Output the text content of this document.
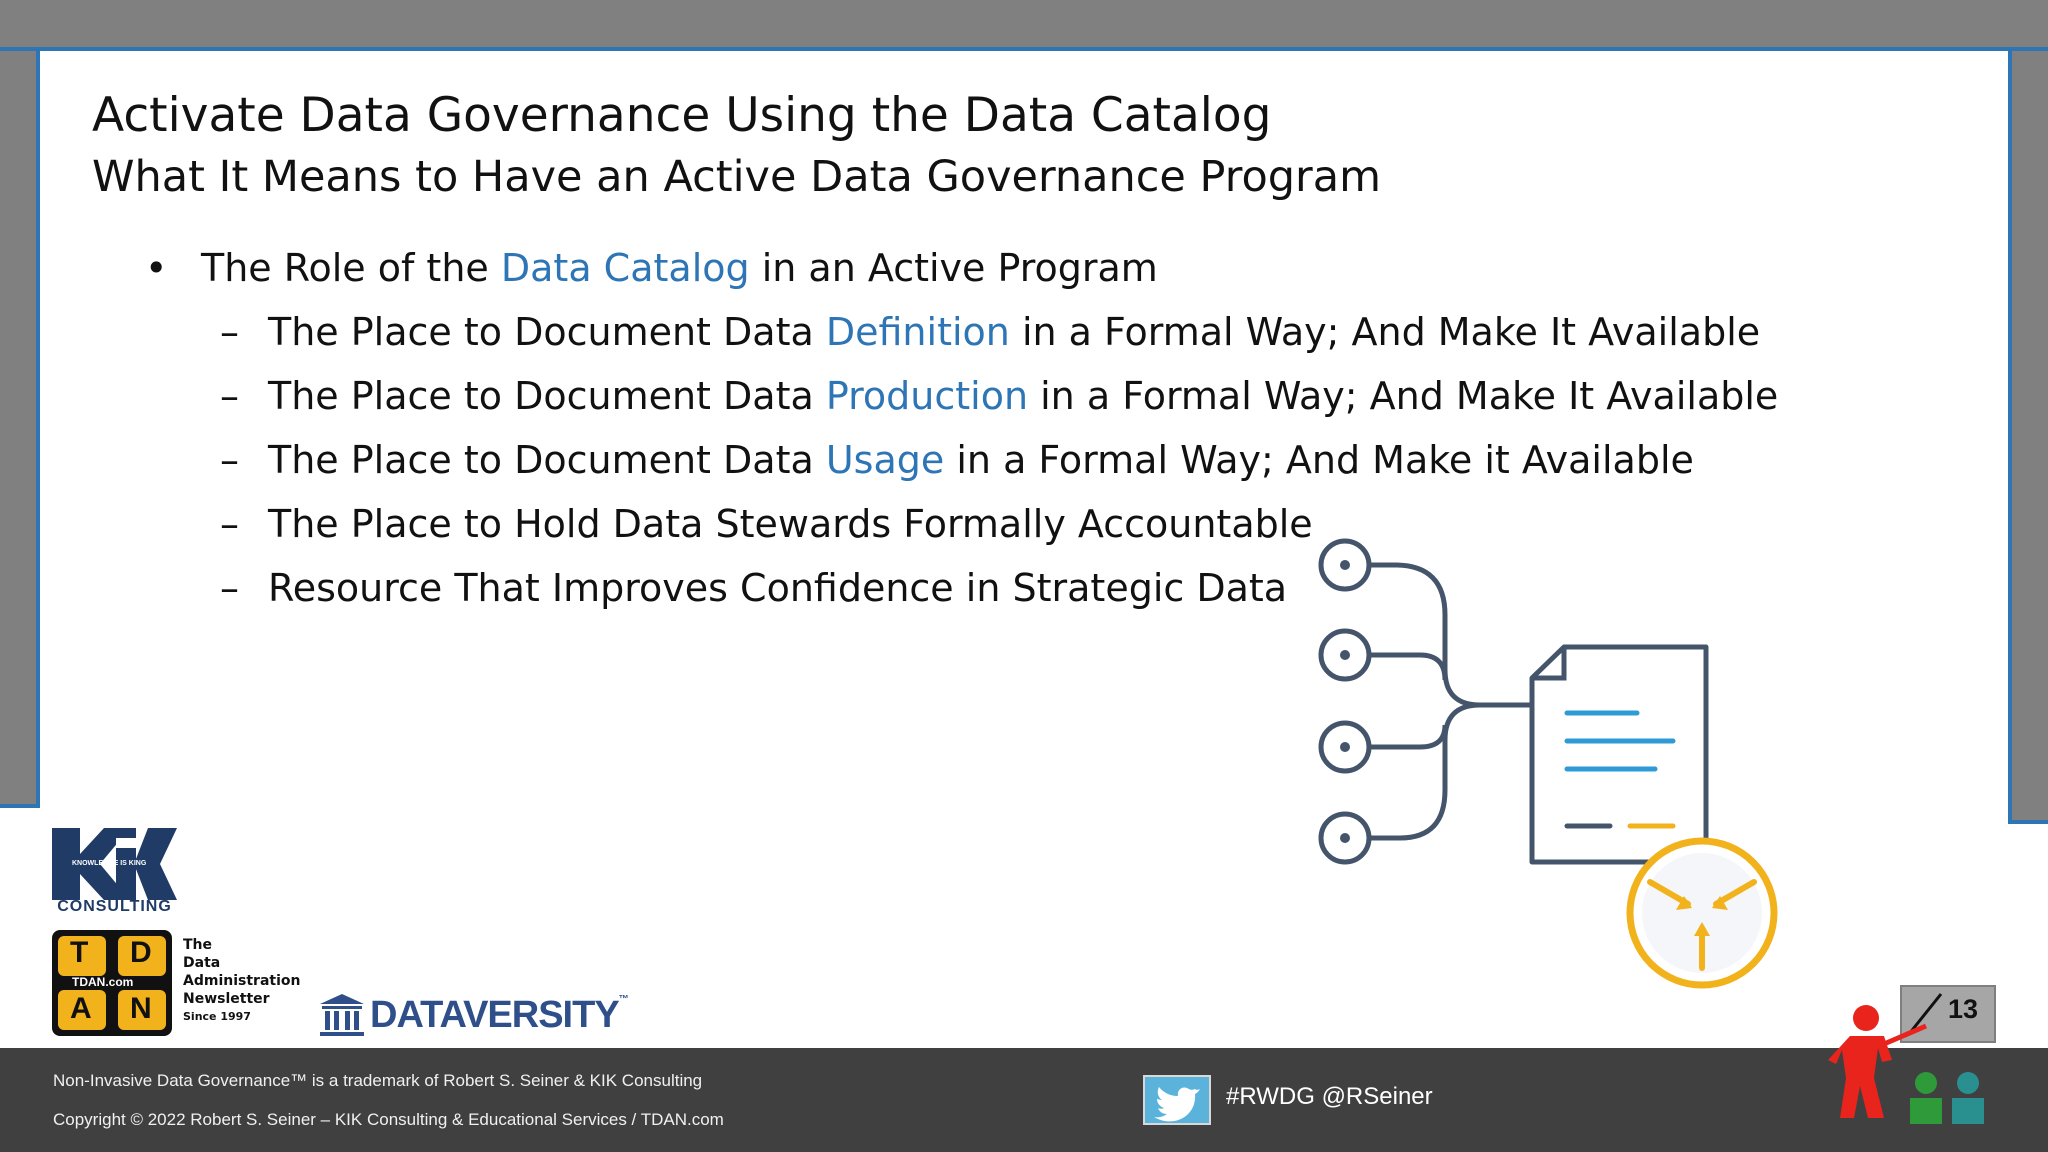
Activate Data Governance Using the Data Catalog
What It Means to Have an Active Data Governance Program
• The Role of the Data Catalog in an Active Program
– The Place to Document Data Definition in a Formal Way; And Make It Available
– The Place to Document Data Production in a Formal Way; And Make It Available
– The Place to Document Data Usage in a Formal Way; And Make it Available
– The Place to Hold Data Stewards Formally Accountable
– Resource That Improves Confidence in Strategic Data
KNOWLEDGE IS KING
CONSULTING
T D
A N
TDAN.com
The
Data
Administration
Newsletter
Since 1997	DATAVERSITY™
Non-Invasive Data Governance™ is a trademark of Robert S. Seiner & KIK Consulting
Copyright © 2022 Robert S. Seiner – KIK Consulting & Educational Services / TDAN.com
#RWDG @RSeiner
13
